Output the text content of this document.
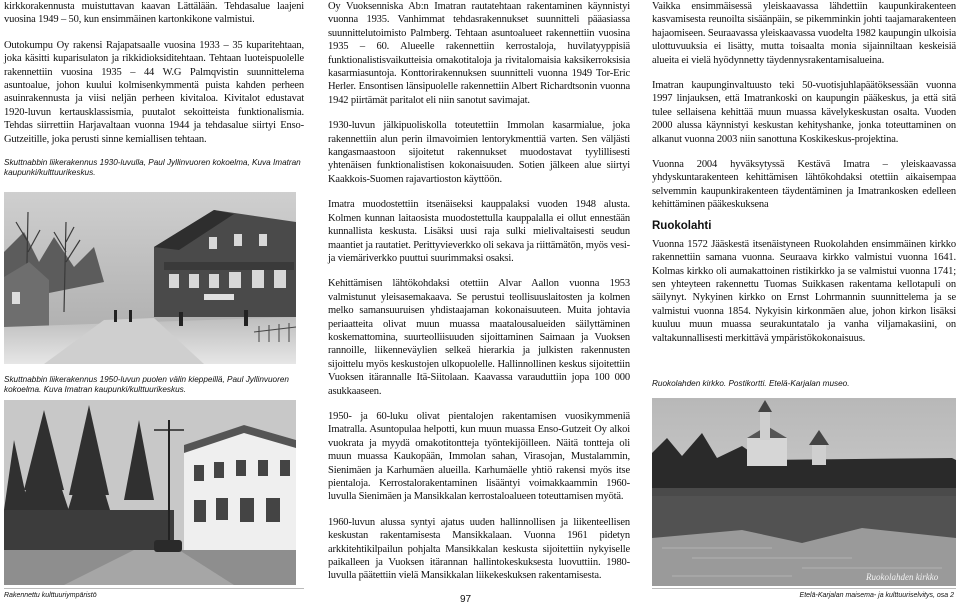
kirkkorakennusta muistuttavan kaavan Lättälään. Tehdasalue laajeni vuosina 1949 – 50, kun ensimmäinen kartonkikone valmistui.

Outokumpu Oy rakensi Rajapatsaalle vuosina 1933 – 35 kuparitehtaan, joka käsitti kuparisulaton ja rikkidioksiditehtaan. Tehtaan luoteispuolelle rakennettiin vuosina 1935 – 44 W.G Palmqvistin suunnittelema asuntoalue, johon kuului kolmisenkymmentä puista kahden perheen asuinrakennusta ja viisi neljän perheen kivitaloa. Kivitalot edustavat 1920-luvun kertausklassismia, puutalot sekoitteista funktionalismia. Tehdas siirrettiin Harjavaltaan vuonna 1944 ja tehdasalue siirtyi Enso-Gutzeitille, joka perusti sinne kemiallisen tehtaan.

Skuttnabbin liikerakennus 1930-luvulla, Paul Jyllinvuoren kokoelma, Kuva Imatran kaupunki/kulttuurikeskus.

Skuttnabbin liikerakennus 1950-luvun puolen välin kieppeillä, Paul Jyllinvuoren kokoelma. Kuva Imatran kaupunki/kulttuurikeskus.

Oy Vuoksenniska Ab:n Imatran rautatehtaan rakentaminen käynnistyi vuonna 1935. Vanhimmat tehdasrakennukset suunnitteli pääasiassa suunnittelutoimisto Palmberg. Tehtaan asuntoalueet rakennettiin vuosina 1935 – 60. Alueelle rakennettiin kerrostaloja, huvilatyyppisiä funktionalistisvaikutteisia omakotitaloja ja rivitalomaisia kaksikerroksisia kasarmiasuntoja. Konttorirakennuksen suunnitteli vuonna 1949 Tor-Eric Herler. Ensontisen länsipuolelle rakennettiin Albert Richardtsonin vuonna 1942 piirtämät paritalot eli niin sanotut savimajat.

1930-luvun jälkipuoliskolla toteutettiin Immolan kasarmialue, joka rakennettiin alun perin ilmavoimien lentorykmenttiä varten. Sen väljästi kangasmaastoon sijoitetut rakennukset muodostavat tyylillisesti yhtenäisen funktionalistisen kokonaisuuden. Sotien jälkeen alue siirtyi Kaakkois-Suomen rajavartioston käyttöön.

Imatra muodostettiin itsenäiseksi kauppalaksi vuoden 1948 alusta. Kolmen kunnan laitaosista muodostettulla kauppalalla ei ollut ennestään kunnallista keskusta. Lisäksi uusi raja sulki mielivaltaisesti seudun maantiet ja rautatiet. Perittyvieverkko oli sekava ja riittämätön, myös vesi- ja viemäriverkko puuttui suurimmaksi osaksi.

Kehittämisen lähtökohdaksi otettiin Alvar Aallon vuonna 1953 valmistunut yleisasemakaava. Se perustui teollisuuslaitosten ja kolmen melko samansuuruisen yhdistaajaman kokonaisuuteen. Muita johtavia periaatteita olivat muun muassa maatalousalueiden säilyttäminen koskemattomina, suurteolliisuuden sijoittaminen Saimaan ja Vuoksen rannoille, liikenneväylien selkeä hierarkia ja julkisten rakennusten sijoittelu myös keskustojen ulkopuolelle. Hallinnollinen keskus sijoitettiin Vuoksen itärannalle Itä-Siitolaan. Kaavassa varauduttiin jopa 100 000 asukkaaseen.

1950- ja 60-luku olivat pientalojen rakentamisen vuosikymmeniä Imatralla. Asuntopulaa helpotti, kun muun muassa Enso-Gutzeit Oy alkoi vuokrata ja myydä omakotitontteja työntekijöilleen. Näitä tontteja oli muun muassa Kaukopään, Immolan sahan, Virasojan, Mustalammin, Sienimäen ja Karhumäen alueilla. Karhumäelle yhtiö rakensi myös itse pientaloja. Kerrostalorakentaminen lisääntyi voimakkaammin 1960-luvulla Sienimäen ja Mansikkalan kerrostaloalueen toteuttamisen myötä.

1960-luvun alussa syntyi ajatus uuden hallinnollisen ja liikenteellisen keskustan rakentamisesta Mansikkalaan. Vuonna 1961 pidetyn arkkitehtikilpailun pohjalta Mansikkalan keskusta sijoitettiin nykyiselle paikalleen ja Vuoksen itärannan hallintokeskuksesta luovuttiin. 1980-luvulla päätettiin vielä Mansikkalan liikekeskuksen rakentamisesta.

Vaikka ensimmäisessä yleiskaavassa lähdettiin kaupunkirakenteen kasvamisesta reunoilta sisäänpäin, se pikemminkin johti taajamarakenteen hajaomiseen. Seuraavassa yleiskaavassa vuodelta 1982 kaupungin ulkoisia ulottuvuuksia ei lisätty, mutta toisaalta monia sijainniltaan keskeisiä alueita ei vielä hyödynnetty täydennysrakentamisalueina.

Imatran kaupunginvaltuusto teki 50-vuotisjuhlapäätöksessään vuonna 1997 linjauksen, että Imatrankoski on kaupungin pääkeskus, ja että sitä tulee sellaisena kehittää muun muassa kävelykeskustan osalta. Vuoden 2000 alussa käynnistyi keskustan kehityshanke, jonka toteuttaminen on alkanut vuonna 2003 niin sanottuna Koskikeskus-projektina.

Vuonna 2004 hyväksytyssä Kestävä Imatra – yleiskaavassa yhdyskuntarakenteen kehittämisen lähtökohdaksi otettiin aikaisempaa selvemmin kaupunkirakenteen täydentäminen ja Imatrankosken edelleen kehittäminen pääkeskuksena

Ruokolahti

Vuonna 1572 Jääskestä itsenäistyneen Ruokolahden ensimmäinen kirkko rakennettiin samana vuonna. Seuraava kirkko valmistui vuonna 1641. Kolmas kirkko oli aumakattoinen ristikirkko ja se valmistui vuonna 1741; sen yhteyteen rakennettu Tuomas Suikkasen rakentama kellotapuli on säilynyt. Nykyinen kirkko on Ernst Lohrmannin suunnittelema ja se valmistui vuonna 1854. Nykyisin kirkonmäen alue, johon kirkon lisäksi kuuluu muun muassa seurakuntatalo ja vanha viljamakasiini, on valtakunnallisesti merkittävä ympäristökokonaisuus.

Ruokolahden kirkko. Postikortti. Etelä-Karjalan museo.

Ruokolahden kirkko
Rakennettu kulttuuriympäristö	97	Etelä-Karjalan maisema- ja kulttuuriselvitys, osa 2
